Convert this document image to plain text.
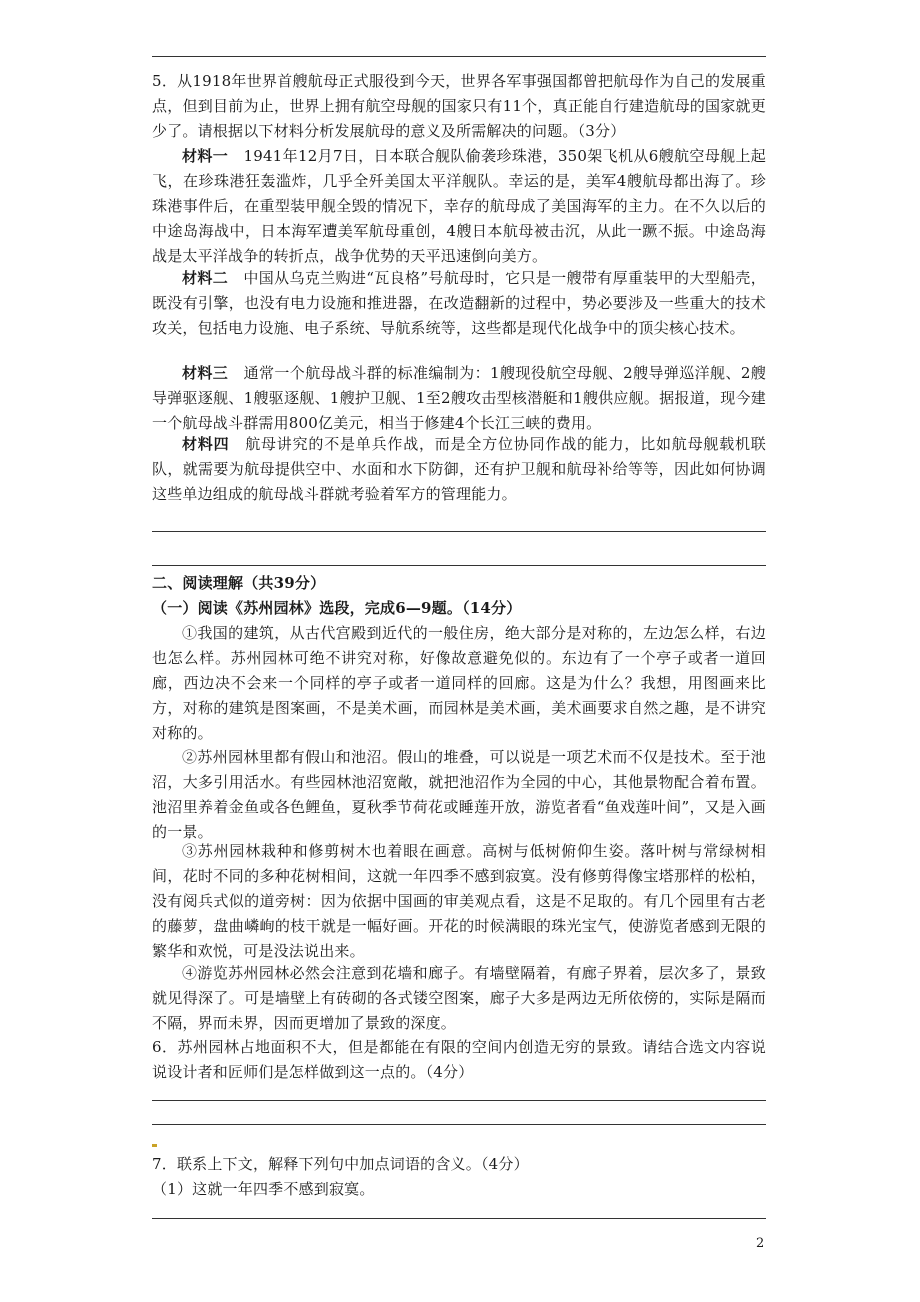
5．从1918年世界首艘航母正式服役到今天，世界各军事强国都曾把航母作为自己的发展重点，但到目前为止，世界上拥有航空母舰的国家只有11个，真正能自行建造航母的国家就更少了。请根据以下材料分析发展航母的意义及所需解决的问题。（3分）
材料一　1941年12月7日，日本联合舰队偷袭珍珠港，350架飞机从6艘航空母舰上起飞，在珍珠港狂轰滥炸，几乎全歼美国太平洋舰队。幸运的是，美军4艘航母都出海了。珍珠港事件后，在重型装甲舰全毁的情况下，幸存的航母成了美国海军的主力。在不久以后的中途岛海战中，日本海军遭美军航母重创，4艘日本航母被击沉，从此一蹶不振。中途岛海战是太平洋战争的转折点，战争优势的天平迅速倒向美方。
材料二　中国从乌克兰购进“瓦良格”号航母时，它只是一艘带有厚重装甲的大型船壳，既没有引擎，也没有电力设施和推进器，在改造翻新的过程中，势必要涉及一些重大的技术攻关，包括电力设施、电子系统、导航系统等，这些都是现代化战争中的顶尖核心技术。
材料三　通常一个航母战斗群的标准编制为：1艘现役航空母舰、2艘导弹巡洋舰、2艘导弹驱逐舰、1艘驱逐舰、1艘护卫舰、1至2艘攻击型核潜艇和1艘供应舰。据报道，现今建一个航母战斗群需用800亿美元，相当于修建4个长江三峡的费用。
材料四　航母讲究的不是单兵作战，而是全方位协同作战的能力，比如航母舰载机联队，就需要为航母提供空中、水面和水下防御，还有护卫舰和航母补给等等，因此如何协调这些单边组成的航母战斗群就考验着军方的管理能力。
二、阅读理解（共39分）
（一）阅读《苏州园林》选段，完成6—9题。（14分）
①我国的建筑，从古代宫殿到近代的一般住房，绝大部分是对称的，左边怎么样，右边也怎么样。苏州园林可绝不讲究对称，好像故意避免似的。东边有了一个亭子或者一道回廊，西边决不会来一个同样的亭子或者一道同样的回廊。这是为什么？我想，用图画来比方，对称的建筑是图案画，不是美术画，而园林是美术画，美术画要求自然之趣，是不讲究对称的。
②苏州园林里都有假山和池沼。假山的堆叠，可以说是一项艺术而不仅是技术。至于池沼，大多引用活水。有些园林池沼宽敞，就把池沼作为全园的中心，其他景物配合着布置。池沼里养着金鱼或各色鲤鱼，夏秋季节荷花或睡莲开放，游览者看“鱼戏莲叶间”，又是入画的一景。
③苏州园林栽种和修剪树木也着眼在画意。高树与低树俯仰生姿。落叶树与常绿树相间，花时不同的多种花树相间，这就一年四季不感到寂寞。没有修剪得像宝塔那样的松柏，没有阅兵式似的道旁树：因为依据中国画的审美观点看，这是不足取的。有几个园里有古老的藤萝，盘曲嶙峋的枝干就是一幅好画。开花的时候满眼的珠光宝气，使游览者感到无限的繁华和欢悦，可是没法说出来。
④游览苏州园林必然会注意到花墙和廊子。有墙壁隔着，有廊子界着，层次多了，景致就见得深了。可是墙壁上有砖砌的各式镂空图案，廊子大多是两边无所依傍的，实际是隔而不隔，界而未界，因而更增加了景致的深度。
6．苏州园林占地面积不大，但是都能在有限的空间内创造无穷的景致。请结合选文内容说说设计者和匠师们是怎样做到这一点的。（4分）
7．联系上下文，解释下列句中加点词语的含义。（4分）
（1）这就一年四季不感到寂寞。
2
